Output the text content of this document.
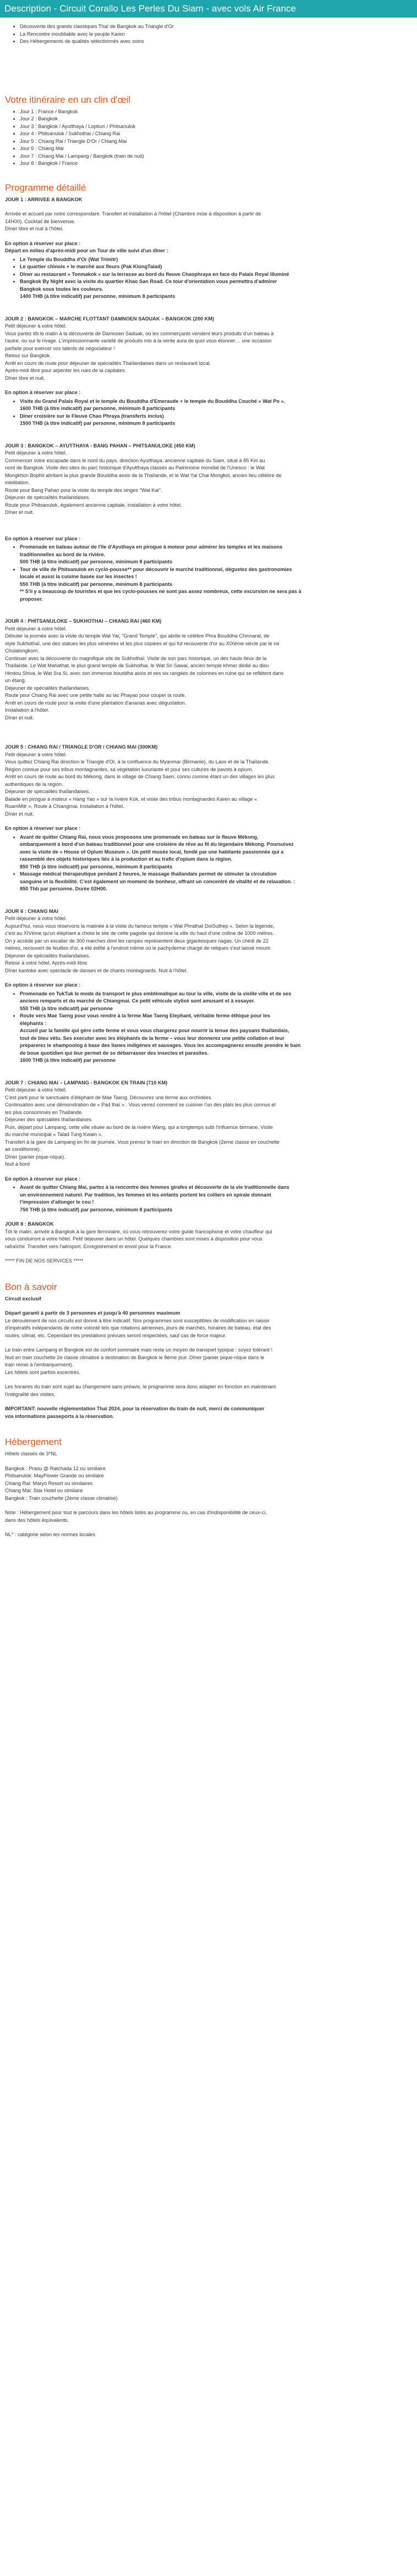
Description - Circuit Corallo Les Perles Du Siam - avec vols Air France
• Découverte des grands classiques Thaï de Bangkok au Triangle d'Or
• La Rencontre inoubliable avec le peuple Karen
• Des Hébergements de qualités sélectionnés avec soins
Votre itinéraire en un clin d'œil
• Jour 1 : France / Bangkok
• Jour 2 : Bangkok
• Jour 3 : Bangkok / Ayutthaya / Lopburi / Phitsanulok
• Jour 4 : Phitsanulok / Sukhothai / Chiang Rai
• Jour 5 : Chiang Rai / Triangle D'Or / Chiang Mai
• Jour 6 : Chiang Mai
• Jour 7 : Chiang Mai / Lampang / Bangkok (train de nuit)
• Jour 8 : Bangkok / France
Programme détaillé
JOUR 1 : ARRIVEE A BANGKOK
Arrivée et accueil par notre correspondant. Transfert et installation à l'hôtel (Chambre mise à disposition à partir de
14H00). Cocktail de bienvenue.
Dîner libre et nuit à l'hôtel.
En option à réserver sur place :
Départ en milieu d'après-midi pour un Tour de ville suivi d'un dîner :
• Le Temple du Bouddha d'Or (Wat Trimitr)
• Le quartier chinois + le marché aux fleurs (Pak KlongTalad)
• Dîner au restaurant « Tonmakok » sur la terrasse au bord du fleuve Chaophraya en face du Palais Royal illuminé
• Bangkok By Night avec la visite du quartier Khao San Road. Ce tour d'orientation vous permettra d'admirer
Bangkok sous toutes les couleurs.
1400 THB (à titre indicatif) par personne, minimum 8 participants
JOUR 2 : BANGKOK – MARCHE FLOTTANT DAMNOEN SADUAK – BANGKOK (200 KM)
Petit déjeuner à votre hôtel.
Vous partez tôt le matin à la découverte de Damnoen Saduak, où les commerçants vendent leurs produits d'un bateau à
l'autre, ou sur le rivage. L'impressionnante variété de produits mis à la vente aura de quoi vous étonner… une occasion
parfaite pour exercer vos talents de négociateur !
Retour sur Bangkok.
Arrêt en cours de route pour déjeuner de spécialités Thaïlandaises dans un restaurant local.
Après-midi libre pour arpenter les rues de la capitales.
Dîner libre et nuit.
En option à réserver sur place :
• Visite du Grand Palais Royal et le temple du Bouddha d'Emeraude + le temple du Bouddha Couché « Wat Po ».
1600 THB (à titre indicatif) par personne, minimum 8 participants
• Dîner croisière sur le Fleuve Chao Phraya (transferts inclus)
1500 THB (à titre indicatif) par personne, minimum 8 participants
JOUR 3 : BANGKOK – AYUTTHAYA - BANG PAHAN – PHITSANULOKE (450 KM)
Petit déjeuner à votre hôtel.
Commencer votre escapade dans le nord du pays, direction Ayutthaya, ancienne capitale du Siam, situé à 85 Km au
nord de Bangkok. Visite des sites du parc historique d'Ayutthaya classés au Patrimoine mondial de l'Unesco : le Wat
Mongkhon Bophit abritant la plus grande Bouddha assis de la Thaïlande, et le Wat Yai Chai Mongkol, ancien lieu célèbre de
méditation.
Route pour Bang Pahan pour la visite du temple des singes "Wat Kai".
Déjeuner de spécialités thaïlandaises.
Route pour Phitsanulok, également ancienne capitale, installation à votre hôtel.
Dîner et nuit.
En option à réserver sur place :
• Promenade en bateau autour de l'île d'Ayuthaya en pirogue à moteur pour admirer les temples et les maisons
traditionnelles au bord de la rivière.
500 THB (à titre indicatif) par personne, minimum 8 participants
• Tour de ville de Phitsanulok en cyclo-pousse** pour découvrir le marché traditionnel, dégustez des gastronomies
locale et aussi la cuisine basée sur les insectes !
550 THB (à titre indicatif) par personne, minimum 8 participants
** S'il y a beaucoup de touristes et que les cyclo-pousses ne sont pas assez nombreux, cette excursion ne sera pas à
proposer.
JOUR 4 : PHITSANULOKE – SUKHOTHAI – CHIANG RAI (460 KM)
Petit déjeuner à votre hôtel.
Débuter la journée avec la visite du temple Wat Yai, "Grand Temple", qui abrite le célèbre Phra Bouddha Chinnarat, de
style Sukhothaï, une des statues les plus vénérées et les plus copiées et qui fut recouverte d'or au XIXème siècle par le roi
Chulalongkorn.
Continuer avec la découverte du magnifique site de Sukhothaï. Visite de son parc historique, un des hauts lieux de la
Thaïlande. Le Wat Mahathat, le plus grand temple de Sukhothai, le Wat Sri Sawai, ancien temple khmer dédié au dieu
Hindou Shiva, le Wat Sra Si, avec son immense bouddha assis et ses six rangées de colonnes en ruine qui se reflètent dans
un étang.
Déjeuner de spécialités thaïlandaises.
Route pour Chiang Rai avec une petite halte au lac Phayao pour couper la route.
Arrêt en cours de route pour la visite d'une plantation d'ananas avec dégustation.
Installation à l'hôtel.
Dîner et nuit.
JOUR 5 : CHIANG RAI / TRIANGLE D'OR / CHIANG MAI (300KM)
Petit déjeuner à votre hôtel.
Vous quittez Chiang Rai direction le Triangle d'Or, à la confluence du Myanmar (Birmanie), du Laos et de la Thaïlande.
Région connue pour ses tribus montagnardes, sa végétation luxuriante et pour ses cultures de pavots à opium.
Arrêt en cours de route au bord du Mékong, dans le village de Chiang Saen, connu comme étant un des villages les plus
authentiques de la région.
Déjeuner de spécialités thaïlandaises.
Balade en pirogue à moteur « Hang Yao » sur la rivière Kok, et visite des tribus montagnardes Karen au village «
RuamMitr », Route à Chiangmai. Installation à l'hôtel.
Dîner et nuit.
En option à réserver sur place :
• Avant de quitter Chiang Rai, nous vous proposons une promenade en bateau sur le fleuve Mékong,
embarquement à bord d'un bateau traditionnel pour une croisière de rêve au fil du légendaire Mékong. Poursuivez
avec la visite de « House of Opium Museum ». Un petit musée local, fondé par une habitante passionnée qui a
rassemblé des objets historiques liés à la production et au trafic d'opium dans la région.
850 THB (à titre indicatif) par personne, minimum 8 participants
• Massage médical thérapeutique pendant 2 heures, le massage thaïlandais permet de stimuler la circulation
sanguine et la flexibilité. C'est également un moment de bonheur, offrant un concentré de vitalité et de relaxation. :
850 Thb par personne. Durée 02H00.
JOUR 6 : CHIANG MAI
Petit déjeuner à votre hôtel.
Aujourd'hui, nous vous réservons la matinée à la visite du fameux temple « Wat Phrathat DoiSuthep ». Selon la légende,
c'est au XIVème qu'un éléphant a choisi le site de cette pagode qui domine la ville du haut d'une colline de 1000 mètres.
On y accède par un escalier de 300 marches dont les rampes représentent deux gigantesques nagas. Un chédi de 22
mètres, recouvert de feuilles d'or, a été édifié à l'endroit même où le pachyderme chargé de reliques s'est laissé mourir.
Déjeuner de spécialités thaïlandaises.
Retour à votre hôtel. Après-midi libre.
Dîner kantoke avec spectacle de danses et de chants montagnards. Nuit à l'hôtel.
En option à réserver sur place :
• Promenade en TukTuk le mode de transport le plus emblématique au tour la ville, visite de la vieille ville et de ses
anciens remparts et du marché de Chiangmai. Ce petit véhicule stylisé sont amusant et à essayer.
550 THB (à titre indicatif) par personne
• Route vers Mae Taeng pour vous rendre à la ferme Mae Taeng Elephant, véritable ferme éthique pour les
éléphants :
Accueil par la famille qui gère cette ferme et vous vous chargerez pour nourrir la tenue des paysans thaïlandais,
tout de bleu vêtu. Ses executer avec les éléphants de la ferme – vous leur donnerez une petite collation et leur
préparerez le shampooing à base des lianes indigènes et sauvages. Vous les accompagnerez ensuite prendre le bain
de boue quotidien qui leur permet de se débarrasser des insectes et parasites.
1600 THB (à titre indicatif) par personne
JOUR 7 : CHIANG MAI – LAMPANG - BANGKOK EN TRAIN (710 KM)
Petit déjeuner à votre hôtel.
C'est parti pour le sanctuaire d'éléphant de Mae Taeng. Découvrez une ferme aux orchidées.
Continuation avec une démonstration de « Pad thaï » . Vous verrez comment se cuisiner l'un des plats les plus connus et
les plus consommés en Thaïlande.
Déjeuner des spécialités thaïlandaises.
Puis, départ pour Lampang, cette ville située au bord de la rivière Wang, qui a longtemps subi l'influence birmane. Visite
du marché municipal « Talad Tung Kwain ».
Transfert à la gare de Lampang en fin de journée. Vous prenez le train en direction de Bangkok (2eme classe en couchette
air conditionné).
Dîner (panier pique-nique).
Nuit à bord
En option à réserver sur place :
• Avant de quitter Chiang Mai, partez à la rencontre des femmes girafes et découverte de la vie traditionnelle dans
un environnement naturel. Par tradition, les femmes et les enfants portent les colliers en spirale donnant
l'impression d'allonger le cou !
750 THB (à titre indicatif) par personne, minimum 8 participants
JOUR 8 : BANGKOK
Tôt le matin, arrivée à Bangkok à la gare ferroviaire, où vous retrouverez votre guide francophone et votre chauffeur qui
vous conduiront à votre hôtel. Petit déjeuner dans un hôtel. Quelques chambres sont mises à disposition pour vous
rafraîchir. Transfert vers l'aéroport. Enregistrement et envol pour la France.
***** FIN DE NOS SERVICES *****
Bon à savoir
Circuit exclusif
Départ garanti à partir de 3 personnes et jusqu'à 40 personnes maximum
Le déroulement de nos circuits est donné à titre indicatif. Nos programmes sont susceptibles de modification en raison
d'impératifs indépendants de notre volonté tels que rotations aériennes, jours de marchés, horaires de bateau, état des
routes, climat, etc. Cependant les prestations prévues seront respectées, sauf cas de force majeur.
Le train entre Lampang et Bangkok est de confort sommaire mais reste un moyen de transport typique : soyez tolérant !
Nuit en train couchette 2e classe climatisé à destination de Bangkok le 8ème jour. Dîner (panier pique-nique dans le
train remis à l'embarquement).
Les hôtels sont parfois excentrés.
Les horaires du train sont sujet au changement sans préavis, le programme sera donc adapter en fonction en maintenant
l'intégralité des visites.
IMPORTANT: nouvelle réglementation Thaï 2024, pour la réservation du train de nuit, merci de communiquer
vos informations passeports à la réservation.
Hébergement
Hôtels classés de 3*NL
Bangkok : Prasu @ Ratchada 12 ou similaire
Phitsanulok: MayFlower Grande ou similaire
Chiang Rai: Maryo Resort ou similaires
Chiang Mai: Star Hotel ou similaire
Bangkok : Train couchette (2ème classe climatisé)
Note : Hébergement pour tout le parcours dans les hôtels listés au programme ou, en cas d'indisponibilité de ceux-ci,
dans des hôtels équivalents.
NL* : catégorie selon les normes locales
